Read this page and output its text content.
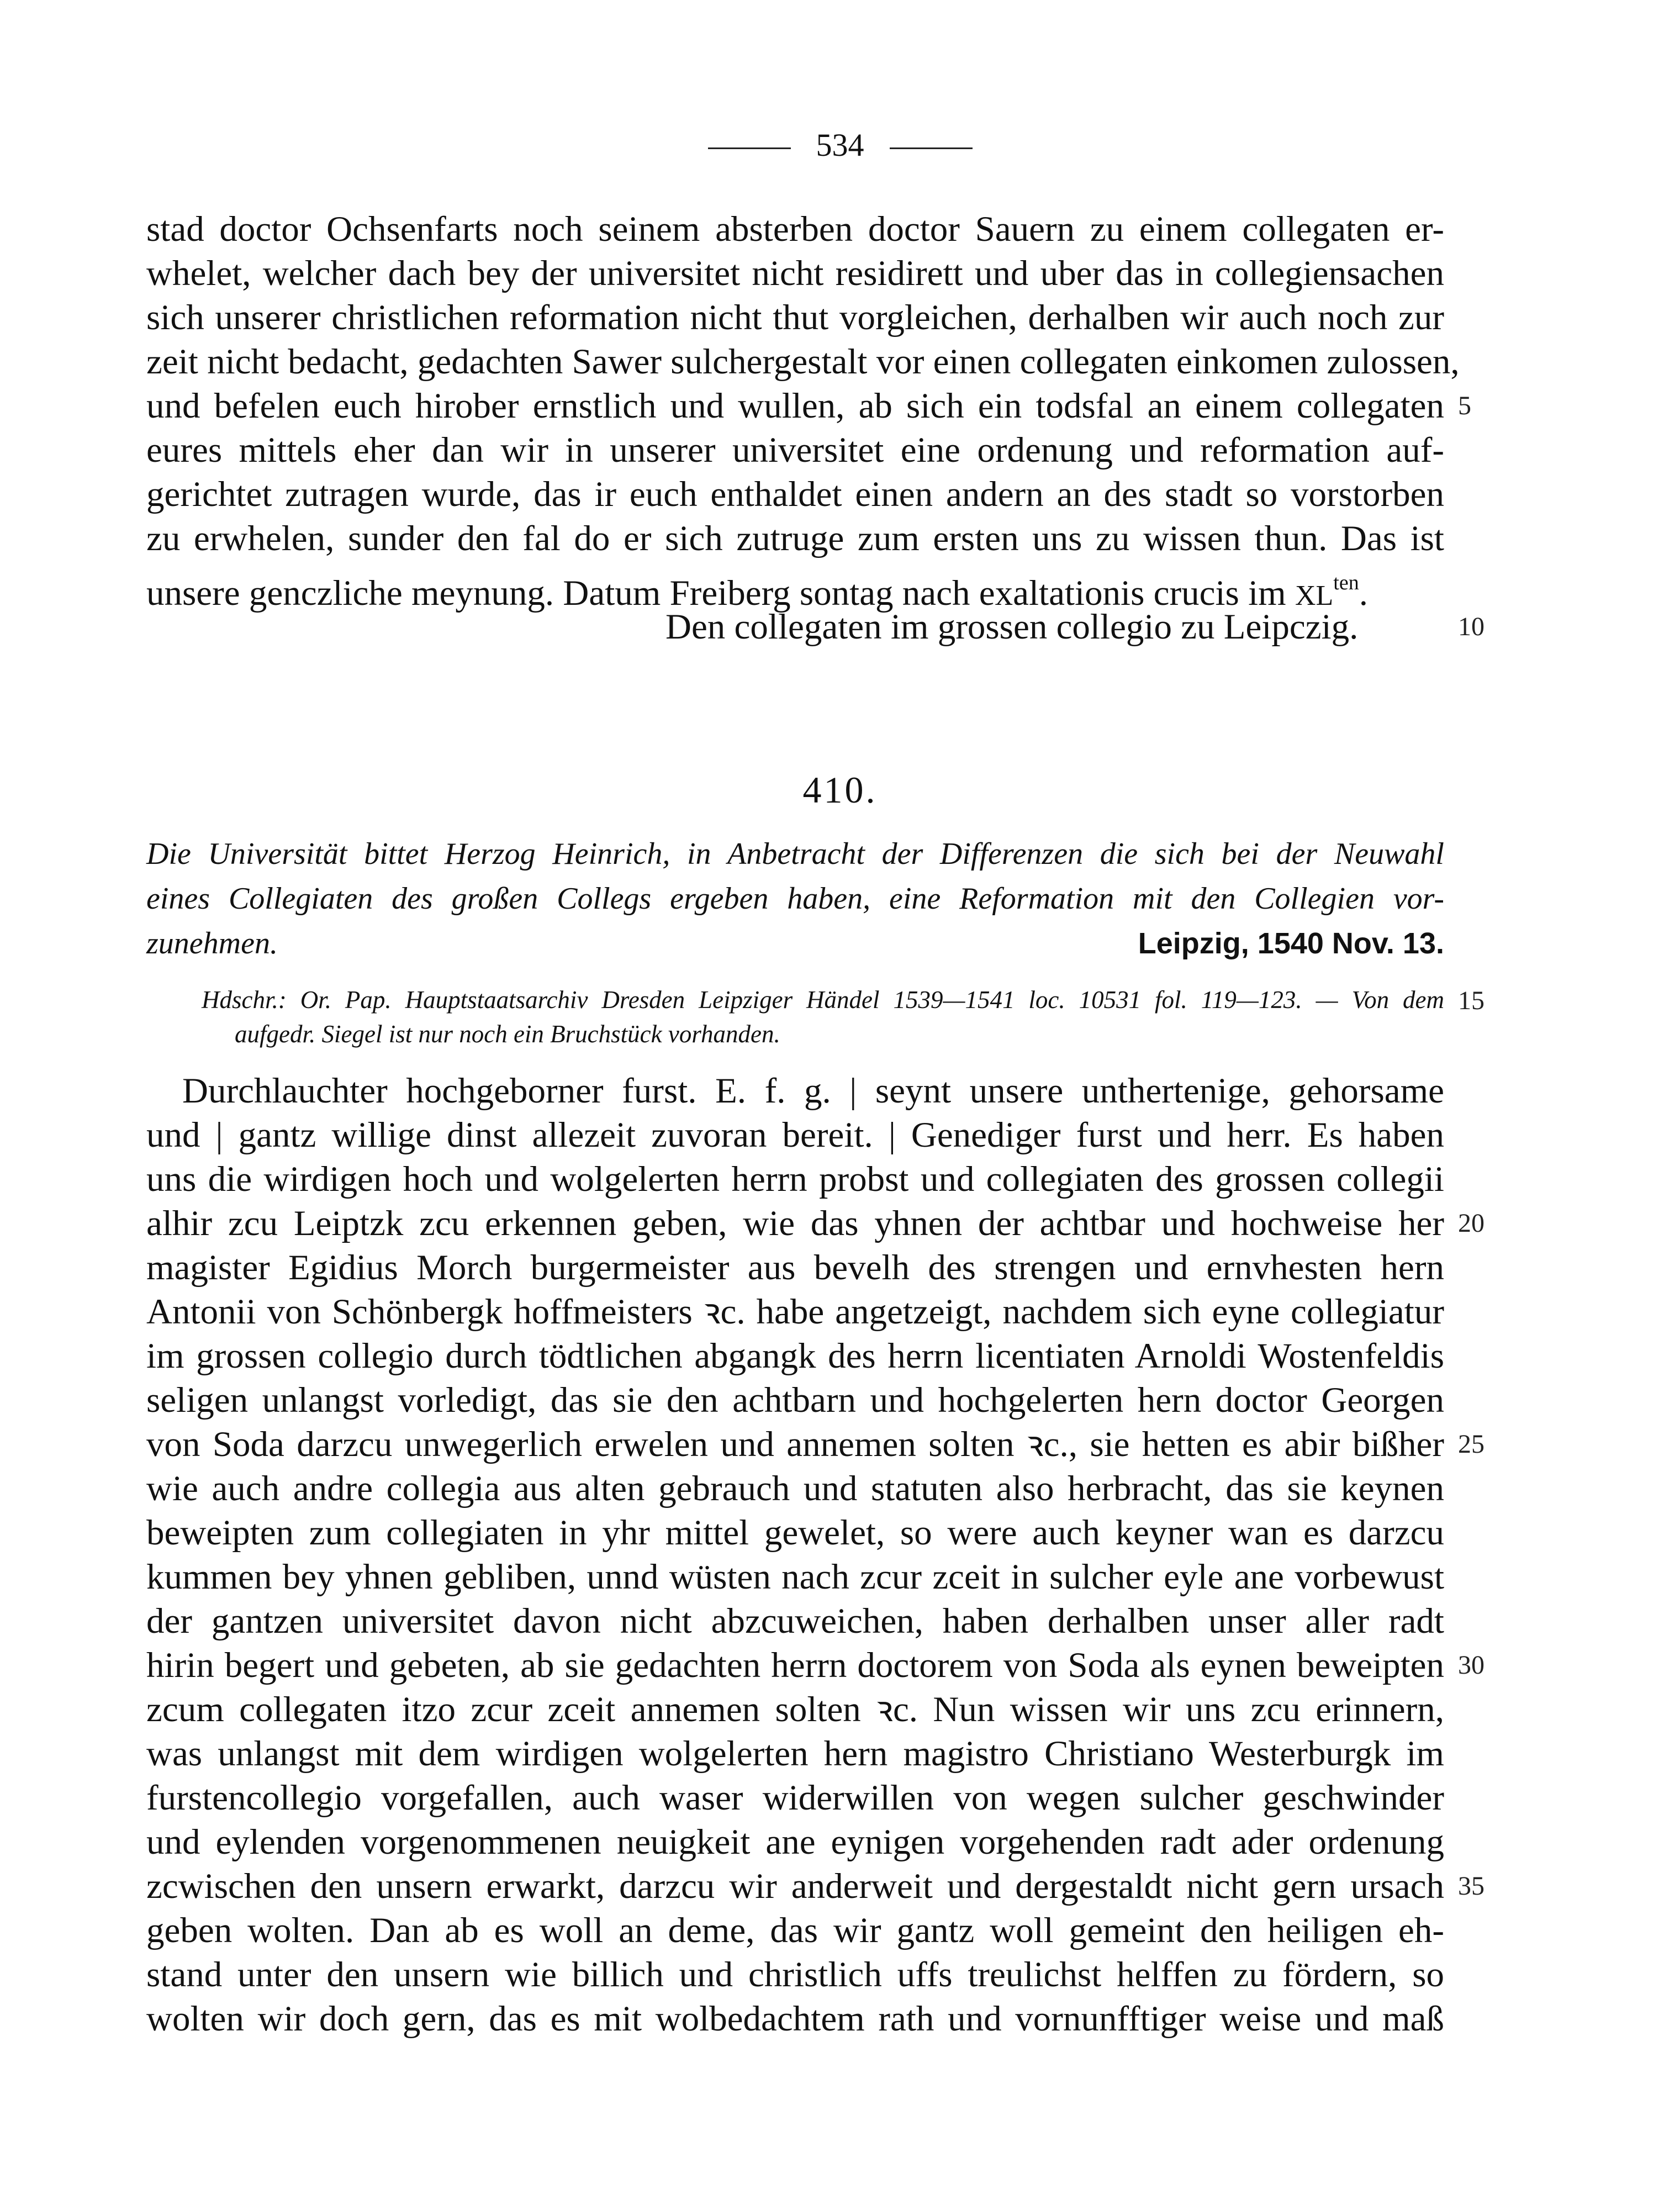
534
stad doctor Ochsenfarts noch seinem absterben doctor Sauern zu einem collegaten er-
whelet, welcher dach bey der universitet nicht residirett und uber das in collegiensachen
sich unserer christlichen reformation nicht thut vorgleichen, derhalben wir auch noch zur
zeit nicht bedacht, gedachten Sawer sulchergestalt vor einen collegaten einkomen zulossen,
und befelen euch hirober ernstlich und wullen, ab sich ein todsfal an einem collegaten
eures mittels eher dan wir in unserer universitet eine ordenung und reformation auf-
gerichtet zutragen wurde, das ir euch enthaldet einen andern an des stadt so vorstorben
zu erwhelen, sunder den fal do er sich zutruge zum ersten uns zu wissen thun. Das ist
unsere genczliche meynung. Datum Freiberg sontag nach exaltationis crucis im $XL^{ten}$.
Den collegaten im grossen collegio zu Leipczig.
5
10
410.
Die Universität bittet Herzog Heinrich, in Anbetracht der Differenzen die sich bei der Neuwahl
eines Collegiaten des großen Collegs ergeben haben, eine Reformation mit den Collegien vor-
zunehmen.	Leipzig, 1540 Nov. 13.
Hdschr.: Or. Pap. Hauptstaatsarchiv Dresden Leipziger Händel 1539—1541 loc. 10531 fol. 119—123. — Von dem
aufgedr. Siegel ist nur noch ein Bruchstück vorhanden.
15
Durchlauchter hochgeborner furst. E. f. g. | seynt unsere unthertenige, gehorsame
und | gantz willige dinst allezeit zuvoran bereit. | Genediger furst und herr. Es haben
uns die wirdigen hoch und wolgelerten herrn probst und collegiaten des grossen collegii
alhir zcu Leiptzk zcu erkennen geben, wie das yhnen der achtbar und hochweise her
magister Egidius Morch burgermeister aus bevelh des strengen und ernvhesten hern
Antonii von Schönbergk hoffmeisters ꝛc. habe angetzeigt, nachdem sich eyne collegiatur
im grossen collegio durch tödtlichen abgangk des herrn licentiaten Arnoldi Wostenfeldis
seligen unlangst vorledigt, das sie den achtbarn und hochgelerten hern doctor Georgen
von Soda darzcu unwegerlich erwelen und annemen solten ꝛc., sie hetten es abir bißher
wie auch andre collegia aus alten gebrauch und statuten also herbracht, das sie keynen
beweipten zum collegiaten in yhr mittel gewelet, so were auch keyner wan es darzcu
kummen bey yhnen gebliben, unnd wüsten nach zcur zceit in sulcher eyle ane vorbewust
der gantzen universitet davon nicht abzcuweichen, haben derhalben unser aller radt
hirin begert und gebeten, ab sie gedachten herrn doctorem von Soda als eynen beweipten
zcum collegaten itzo zcur zceit annemen solten ꝛc. Nun wissen wir uns zcu erinnern,
was unlangst mit dem wirdigen wolgelerten hern magistro Christiano Westerburgk im
furstencollegio vorgefallen, auch waser widerwillen von wegen sulcher geschwinder
und eylenden vorgenommenen neuigkeit ane eynigen vorgehenden radt ader ordenung
zcwischen den unsern erwarkt, darzcu wir anderweit und dergestaldt nicht gern ursach
geben wolten. Dan ab es woll an deme, das wir gantz woll gemeint den heiligen eh-
stand unter den unsern wie billich und christlich uffs treulichst helffen zu fördern, so
wolten wir doch gern, das es mit wolbedachtem rath und vornunfftiger weise und maß
20
25
30
35
